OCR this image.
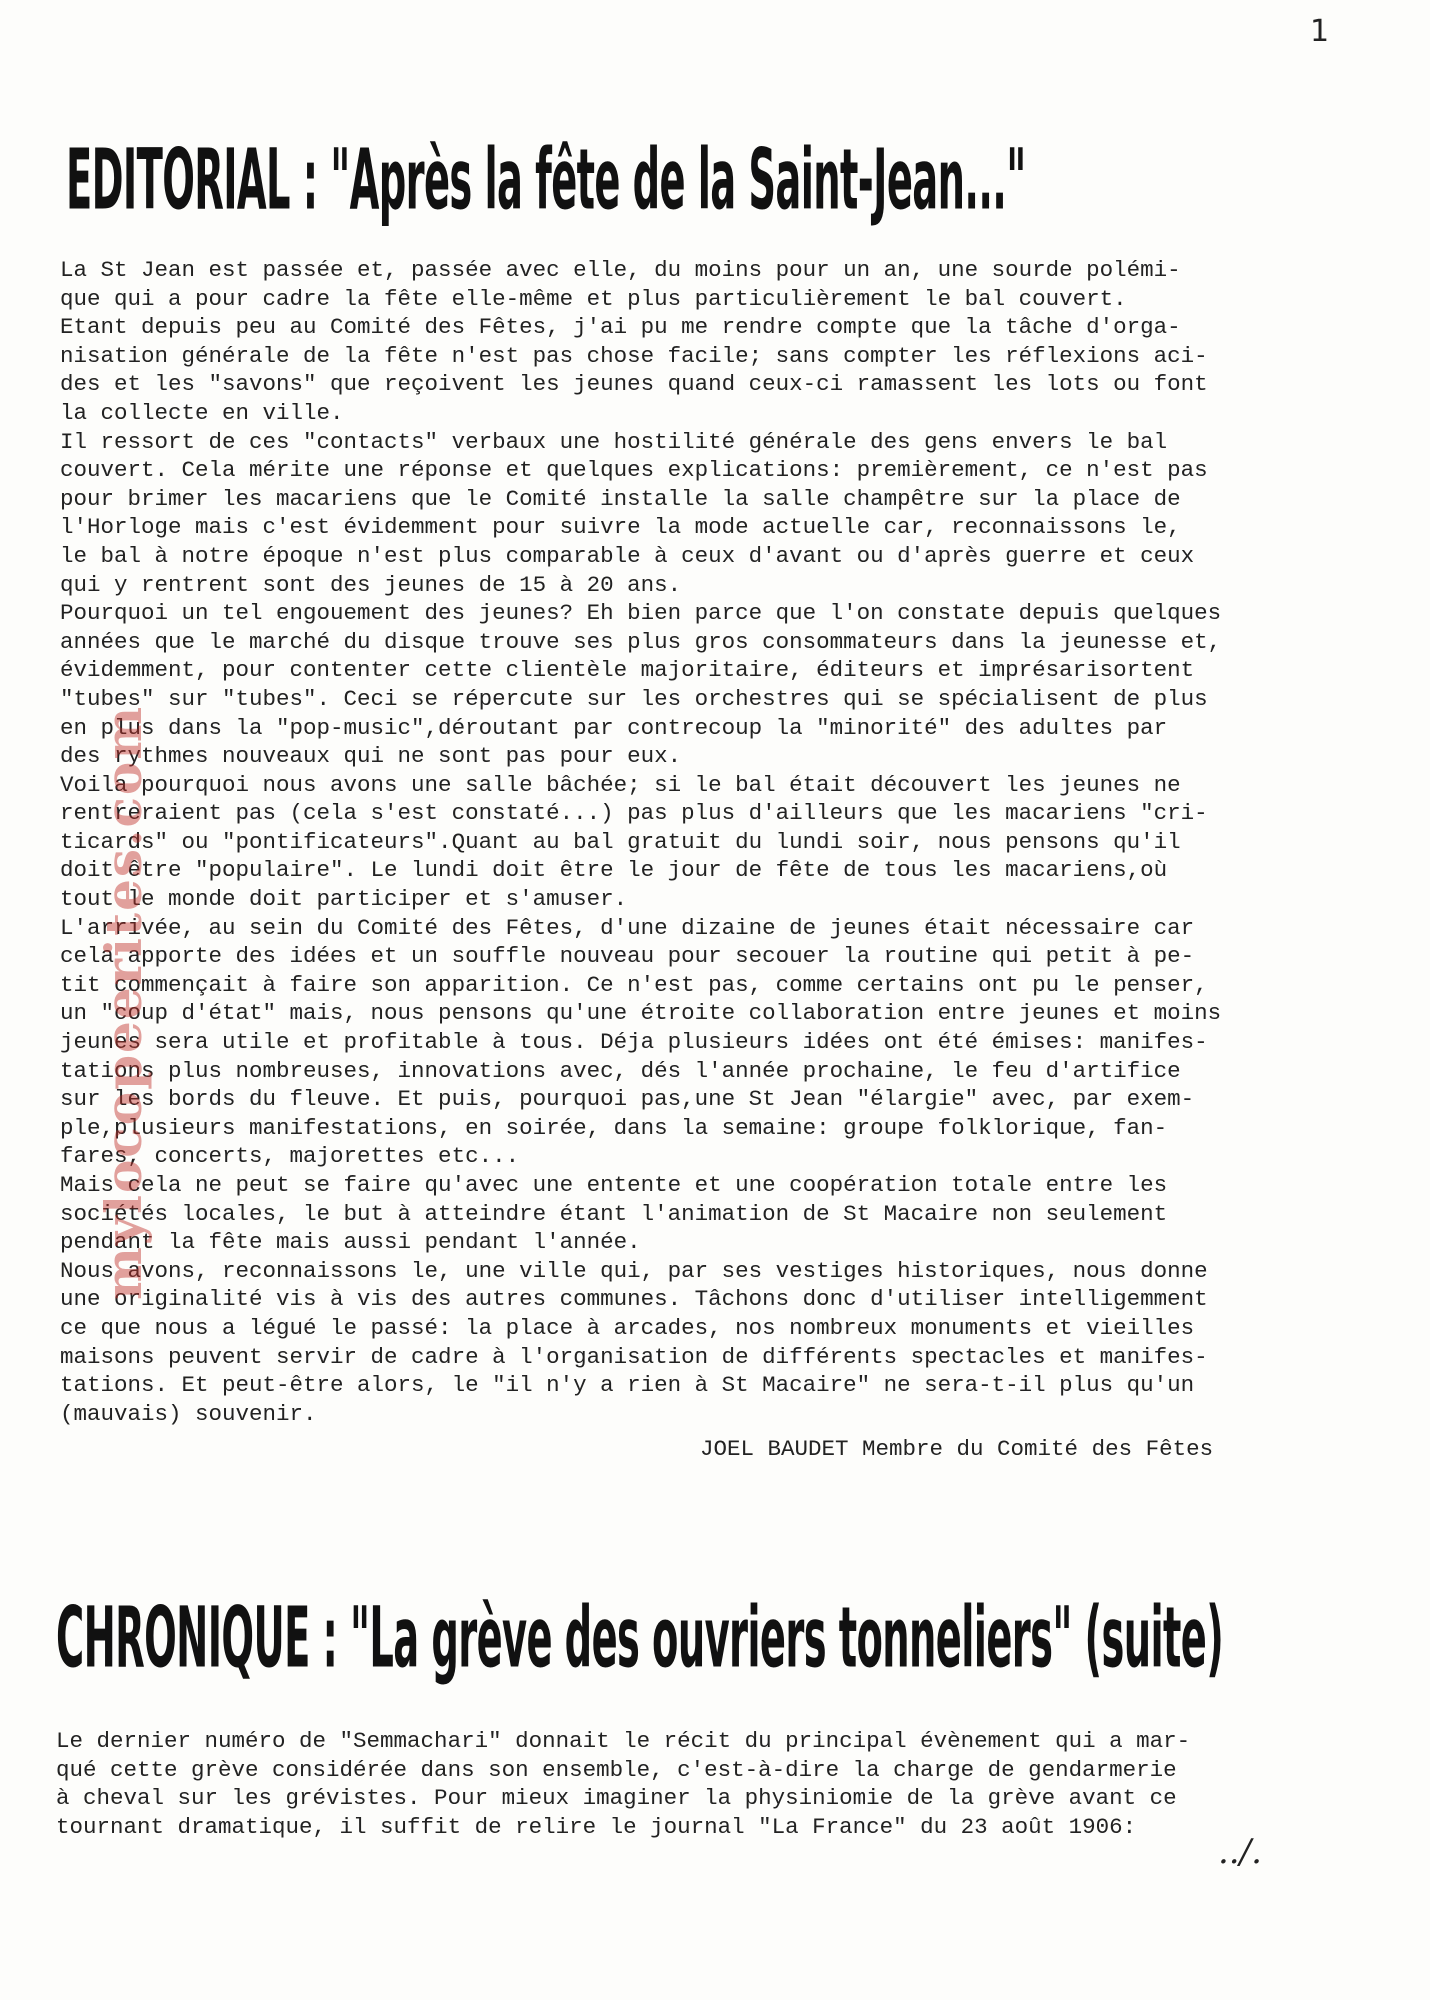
1
EDITORIAL : "Après la fête de la Saint-Jean..."
La St Jean est passée et, passée avec elle, du moins pour un an, une sourde polémi-
que qui a pour cadre la fête elle-même et plus particulièrement le bal couvert.
Etant depuis peu au Comité des Fêtes, j'ai pu me rendre compte que la tâche d'orga-
nisation générale de la fête n'est pas chose facile; sans compter les réflexions aci-
des et les "savons" que reçoivent les jeunes quand ceux-ci ramassent les lots ou font
la collecte en ville.
Il ressort de ces "contacts" verbaux une hostilité générale des gens envers le bal
couvert. Cela mérite une réponse et quelques explications: premièrement, ce n'est pas
pour brimer les macariens que le Comité installe la salle champêtre sur la place de
l'Horloge mais c'est évidemment pour suivre la mode actuelle car, reconnaissons le,
le bal à notre époque n'est plus comparable à ceux d'avant ou d'après guerre et ceux
qui y rentrent sont des jeunes de 15 à 20 ans.
Pourquoi un tel engouement des jeunes? Eh bien parce que l'on constate depuis quelques
années que le marché du disque trouve ses plus gros consommateurs dans la jeunesse et,
évidemment, pour contenter cette clientèle majoritaire, éditeurs et imprésarisortent
"tubes" sur "tubes". Ceci se répercute sur les orchestres qui se spécialisent de plus
en plus dans la "pop-music",déroutant par contrecoup la "minorité" des adultes par
des rythmes nouveaux qui ne sont pas pour eux.
Voila pourquoi nous avons une salle bâchée; si le bal était découvert les jeunes ne
rentreraient pas (cela s'est constaté...) pas plus d'ailleurs que les macariens "cri-
ticards" ou "pontificateurs".Quant au bal gratuit du lundi soir, nous pensons qu'il
doit être "populaire". Le lundi doit être le jour de fête de tous les macariens,où
tout le monde doit participer et s'amuser.
L'arrivée, au sein du Comité des Fêtes, d'une dizaine de jeunes était nécessaire car
cela apporte des idées et un souffle nouveau pour secouer la routine qui petit à pe-
tit commençait à faire son apparition. Ce n'est pas, comme certains ont pu le penser,
un "coup d'état" mais, nous pensons qu'une étroite collaboration entre jeunes et moins
jeunes sera utile et profitable à tous. Déja plusieurs idées ont été émises: manifes-
tations plus nombreuses, innovations avec, dés l'année prochaine, le feu d'artifice
sur les bords du fleuve. Et puis, pourquoi pas,une St Jean "élargie" avec, par exem-
ple,plusieurs manifestations, en soirée, dans la semaine: groupe folklorique, fan-
fares, concerts, majorettes etc...
Mais cela ne peut se faire qu'avec une entente et une coopération totale entre les
sociétés locales, le but à atteindre étant l'animation de St Macaire non seulement
pendant la fête mais aussi pendant l'année.
Nous avons, reconnaissons le, une ville qui, par ses vestiges historiques, nous donne
une originalité vis à vis des autres communes. Tâchons donc d'utiliser intelligemment
ce que nous a légué le passé: la place à arcades, nos nombreux monuments et vieilles
maisons peuvent servir de cadre à l'organisation de différents spectacles et manifes-
tations. Et peut-être alors, le "il n'y a rien à St Macaire" ne sera-t-il plus qu'un
(mauvais) souvenir.
JOEL BAUDET Membre du Comité des Fêtes
CHRONIQUE : "La grève des ouvriers tonneliers" (suite)
Le dernier numéro de "Semmachari" donnait le récit du principal évènement qui a mar-
qué cette grève considérée dans son ensemble, c'est-à-dire la charge de gendarmerie
à cheval sur les grévistes. Pour mieux imaginer la physiniomie de la grève avant ce
tournant dramatique, il suffit de relire le journal "La France" du 23 août 1906:
../.
mylocopeerites.com
